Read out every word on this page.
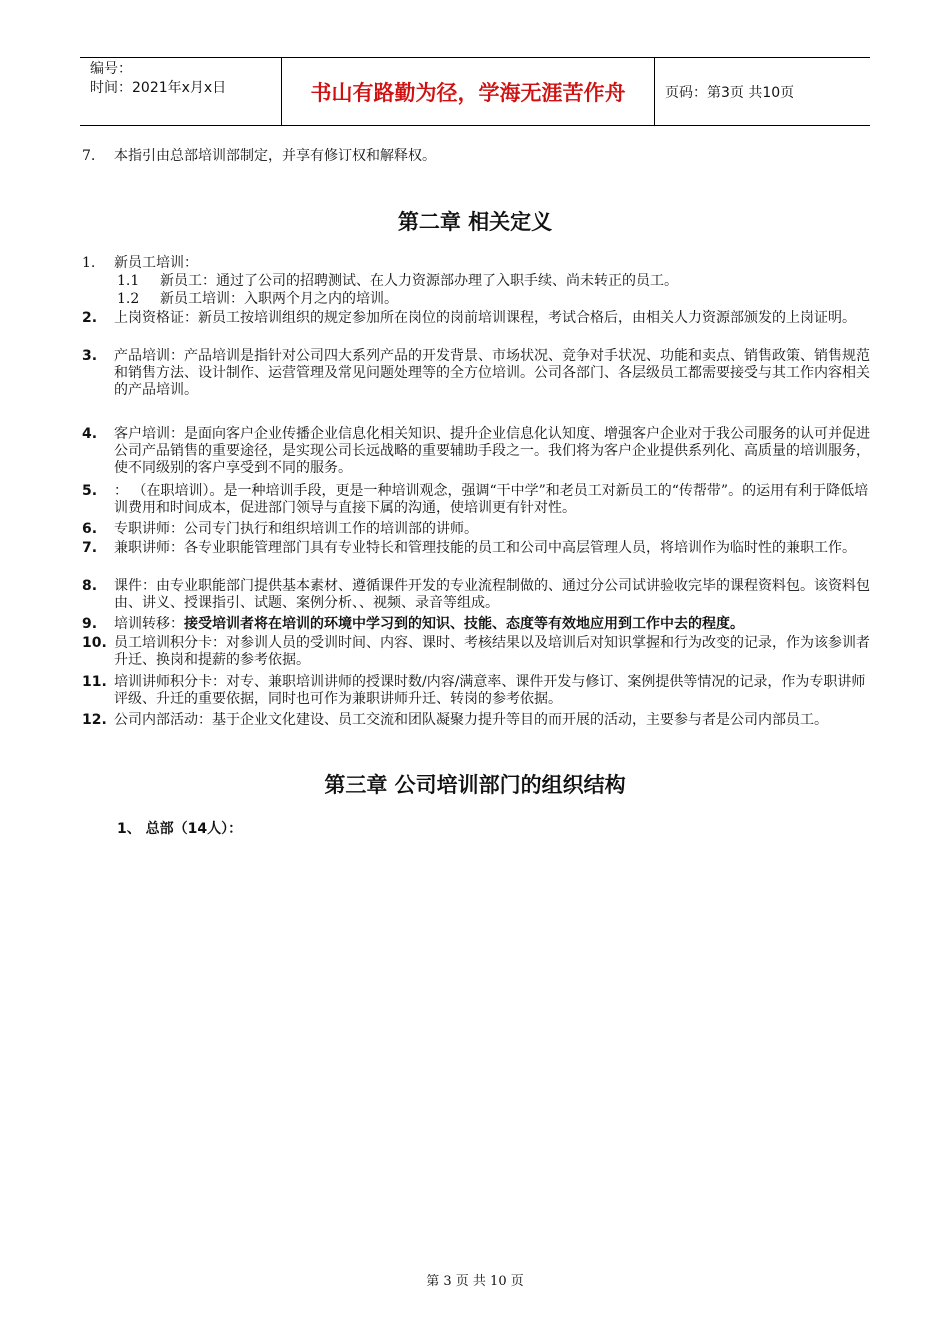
编号：
时间：2021年x月x日	书山有路勤为径，学海无涯苦作舟	页码：第3页 共10页
7. 本指引由总部培训部制定，并享有修订权和解释权。
第二章 相关定义
1. 新员工培训：
1.1 新员工：通过了公司的招聘测试、在人力资源部办理了入职手续、尚未转正的员工。
1.2 新员工培训：入职两个月之内的培训。
2. 上岗资格证：新员工按培训组织的规定参加所在岗位的岗前培训课程，考试合格后，由相关人力资源部颁发的上岗证明。
3. 产品培训：产品培训是指针对公司四大系列产品的开发背景、市场状况、竞争对手状况、功能和卖点、销售政策、销售规范和销售方法、设计制作、运营管理及常见问题处理等的全方位培训。公司各部门、各层级员工都需要接受与其工作内容相关的产品培训。
4. 客户培训：是面向客户企业传播企业信息化相关知识、提升企业信息化认知度、增强客户企业对于我公司服务的认可并促进公司产品销售的重要途径，是实现公司长远战略的重要辅助手段之一。我们将为客户企业提供系列化、高质量的培训服务，使不同级别的客户享受到不同的服务。
5. ： （在职培训）。是一种培训手段，更是一种培训观念，强调“干中学”和老员工对新员工的“传帮带”。的运用有利于降低培训费用和时间成本，促进部门领导与直接下属的沟通，使培训更有针对性。
6. 专职讲师：公司专门执行和组织培训工作的培训部的讲师。
7. 兼职讲师：各专业职能管理部门具有专业特长和管理技能的员工和公司中高层管理人员，将培训作为临时性的兼职工作。
8. 课件：由专业职能部门提供基本素材、遵循课件开发的专业流程制做的、通过分公司试讲验收完毕的课程资料包。该资料包由、讲义、授课指引、试题、案例分析、、视频、录音等组成。
9. 培训转移：接受培训者将在培训的环境中学习到的知识、技能、态度等有效地应用到工作中去的程度。
10. 员工培训积分卡：对参训人员的受训时间、内容、课时、考核结果以及培训后对知识掌握和行为改变的记录，作为该参训者升迁、换岗和提薪的参考依据。
11. 培训讲师积分卡：对专、兼职培训讲师的授课时数/内容/满意率、课件开发与修订、案例提供等情况的记录，作为专职讲师评级、升迁的重要依据，同时也可作为兼职讲师升迁、转岗的参考依据。
12. 公司内部活动：基于企业文化建设、员工交流和团队凝聚力提升等目的而开展的活动，主要参与者是公司内部员工。
第三章 公司培训部门的组织结构
1、 总部（14人）：
第 3 页 共 10 页
